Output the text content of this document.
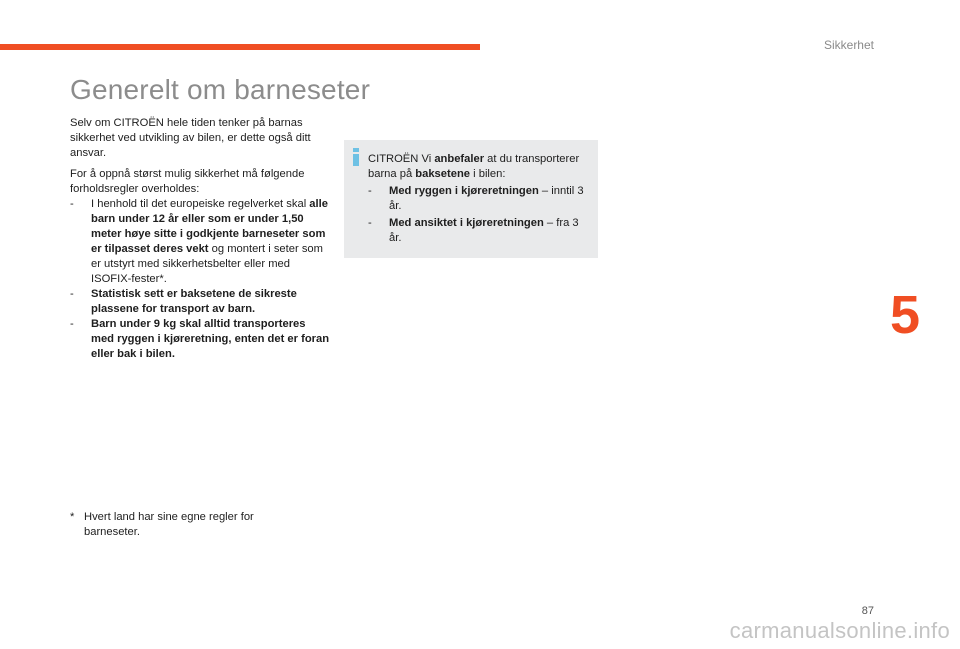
Sikkerhet
Generelt om barneseter

Selv om CITROËN hele tiden tenker på barnas sikkerhet ved utvikling av bilen, er dette også ditt ansvar.

For å oppnå størst mulig sikkerhet må følgende forholdsregler overholdes:

- I henhold til det europeiske regelverket skal alle barn under 12 år eller som er under 1,50 meter høye sitte i godkjente barneseter som er tilpasset deres vekt og montert i seter som er utstyrt med sikkerhetsbelter eller med ISOFIX-fester*.
- Statistisk sett er baksetene de sikreste plassene for transport av barn.
- Barn under 9 kg skal alltid transporteres med ryggen i kjøreretning, enten det er foran eller bak i bilen.
* Hvert land har sine egne regler for barneseter.
CITROËN Vi anbefaler at du transporterer barna på baksetene i bilen:
- Med ryggen i kjøreretningen – inntil 3 år.
- Med ansiktet i kjøreretningen – fra 3 år.
5
87
carmanualsonline.info
